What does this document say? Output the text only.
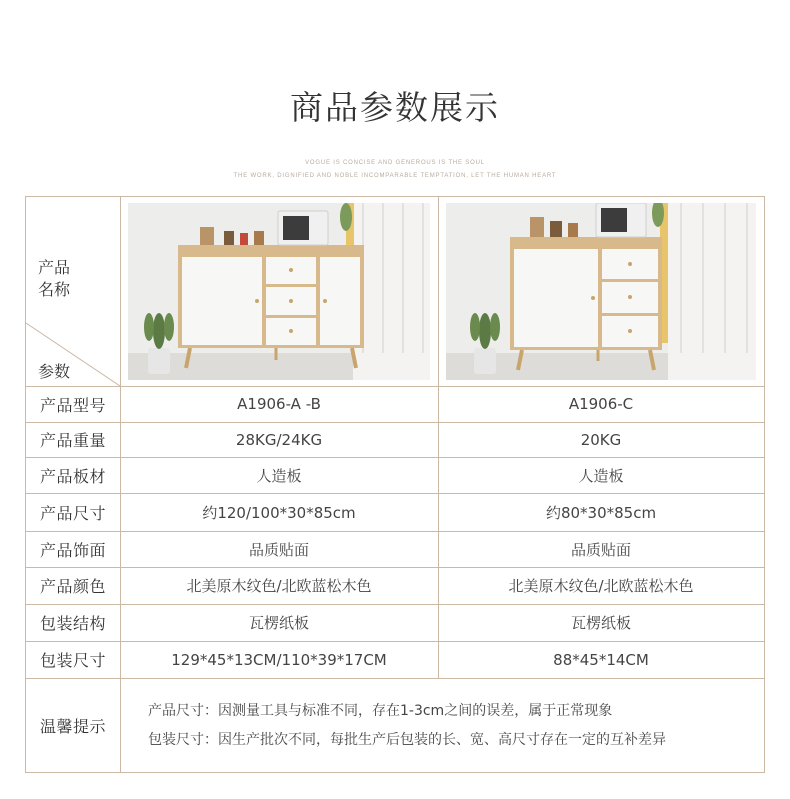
商品参数展示
VOGUE IS CONCISE AND GENEROUS IS THE SOUL
THE WORK, DIGNIFIED AND NOBLE INCOMPARABLE TEMPTATION, LET THE HUMAN HEART
产品
名称
参数
产品型号	A1906-A -B	A1906-C
产品重量	28KG/24KG	20KG
产品板材	人造板	人造板
产品尺寸	约120/100*30*85cm	约80*30*85cm
产品饰面	品质贴面	品质贴面
产品颜色	北美原木纹色/北欧蓝松木色	北美原木纹色/北欧蓝松木色
包装结构	瓦楞纸板	瓦楞纸板
包装尺寸	129*45*13CM/110*39*17CM	88*45*14CM
温馨提示
产品尺寸：因测量工具与标准不同，存在1-3cm之间的误差，属于正常现象
包装尺寸：因生产批次不同，每批生产后包装的长、宽、高尺寸存在一定的互补差异
